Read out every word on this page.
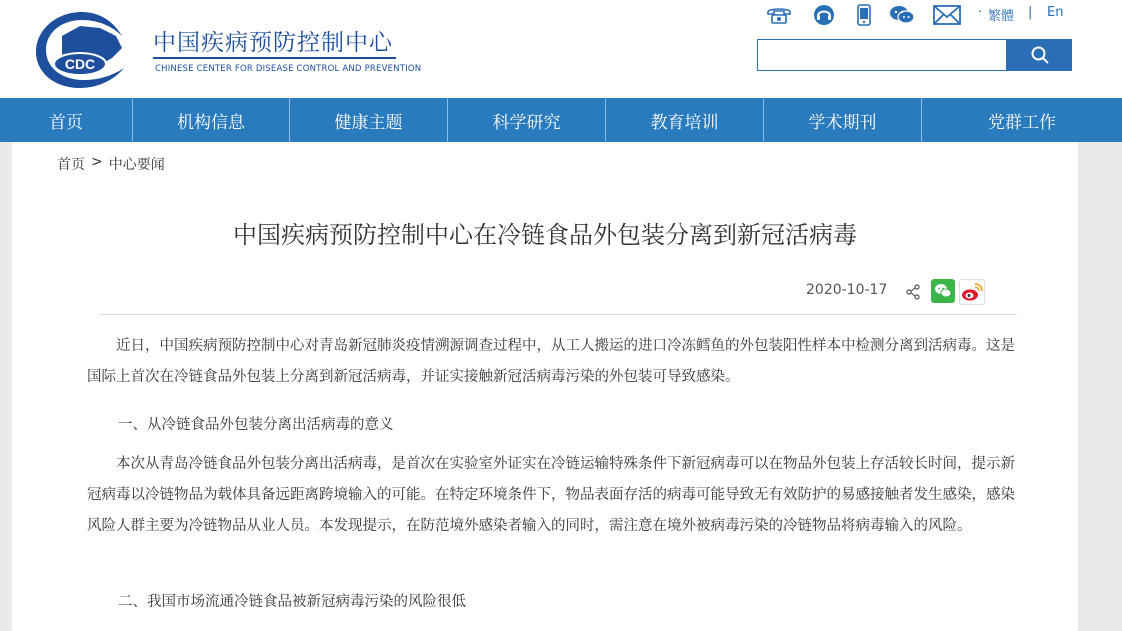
CDC
中国疾病预防控制中心
CHINESE CENTER FOR DISEASE CONTROL AND PREVENTION
· 繁體 | En
首页	机构信息	健康主题	科学研究	教育培训	学术期刊	党群工作
首页 > 中心要闻
中国疾病预防控制中心在冷链食品外包装分离到新冠活病毒
2020-10-17

近日，中国疾病预防控制中心对青岛新冠肺炎疫情溯源调查过程中，从工人搬运的进口冷冻鳕鱼的外包装阳性样本中检测分离到活病毒。这是国际上首次在冷链食品外包装上分离到新冠活病毒，并证实接触新冠活病毒污染的外包装可导致感染。

一、从冷链食品外包装分离出活病毒的意义

本次从青岛冷链食品外包装分离出活病毒，是首次在实验室外证实在冷链运输特殊条件下新冠病毒可以在物品外包装上存活较长时间，提示新冠病毒以冷链物品为载体具备远距离跨境输入的可能。在特定环境条件下，物品表面存活的病毒可能导致无有效防护的易感接触者发生感染，感染风险人群主要为冷链物品从业人员。本发现提示，在防范境外感染者输入的同时，需注意在境外被病毒污染的冷链物品将病毒输入的风险。

二、我国市场流通冷链食品被新冠病毒污染的风险很低
